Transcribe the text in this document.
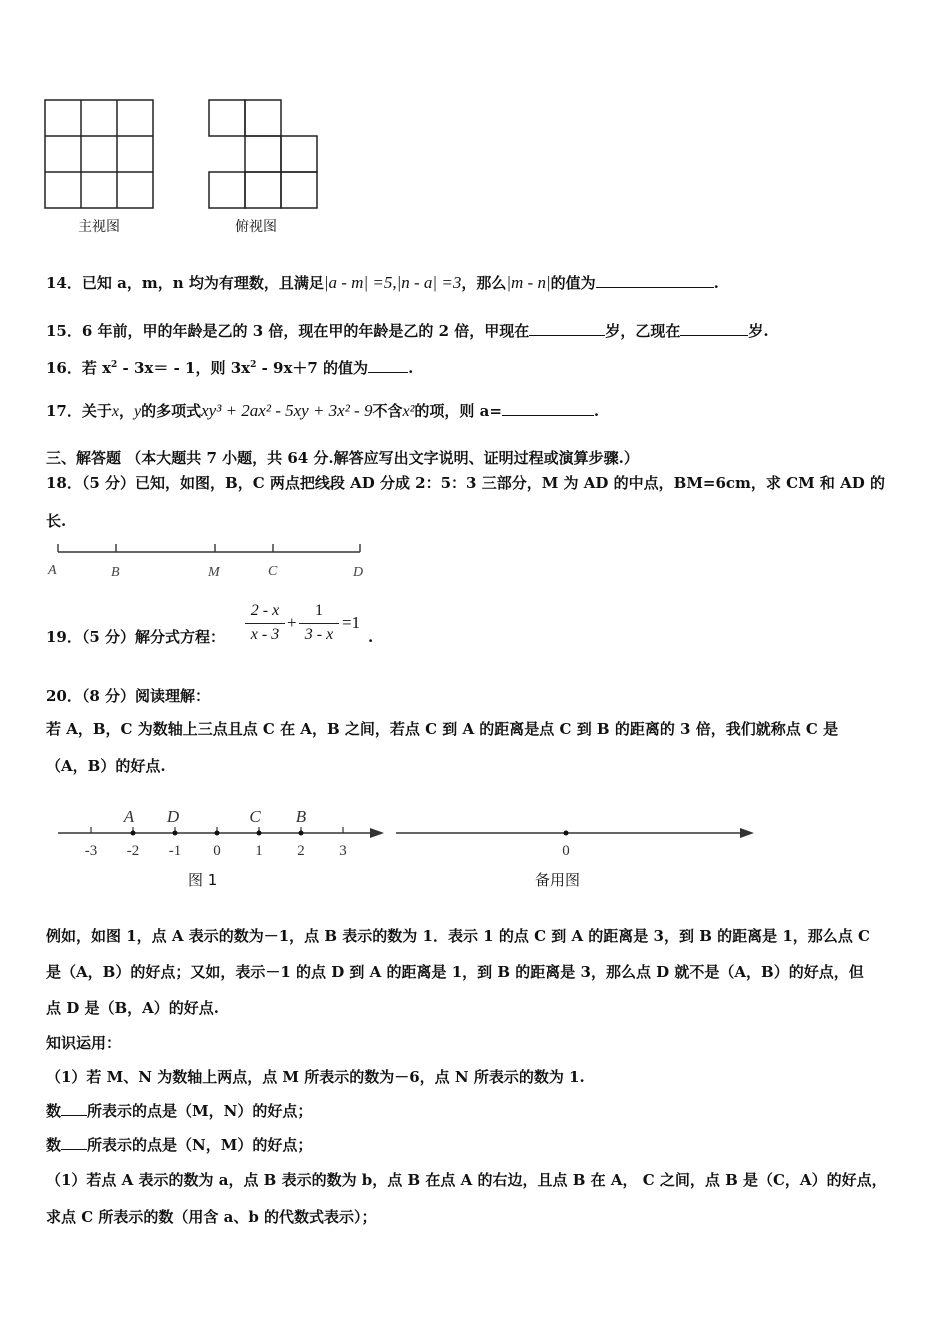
主视图	俯视图
14．已知 a，m，n 均为有理数，且满足|a - m| =5,|n - a| =3，那么|m - n|的值为	.
15．6 年前，甲的年龄是乙的 3 倍，现在甲的年龄是乙的 2 倍，甲现在	岁，乙现在	岁.
16．若 $x^2 - 3x= - 1$，则 $3x^2 - 9x+7$ 的值为	.
17．关于x，y的多项式xy³ + 2ax² - 5xy + 3x² - 9不含x²的项，则 a=	.
三、解答题 （本大题共 7 小题，共 64 分.解答应写出文字说明、证明过程或演算步骤.）
18．（5 分）已知，如图，B，C 两点把线段 AD 分成 2：5：3 三部分，M 为 AD 的中点，BM=6cm，求 CM 和 AD 的
长.
A	B	M	C	D
19．（5 分）解分式方程：
2 - x
x - 3
+
1
3 - x
=1
.
20．（8 分）阅读理解：
若 A，B，C 为数轴上三点且点 C 在 A，B 之间，若点 C 到 A 的距离是点 C 到 B 的距离的 3 倍，我们就称点 C 是
（A，B）的好点.
-3 -2 -1 0 1 2 3
A D	C B
图 1
0
备用图
例如，如图 1，点 A 表示的数为－1，点 B 表示的数为 1．表示 1 的点 C 到 A 的距离是 3，到 B 的距离是 1，那么点 C
是（A，B）的好点；又如，表示－1 的点 D 到 A 的距离是 1，到 B 的距离是 3，那么点 D 就不是（A，B）的好点，但
点 D 是（B，A）的好点.
知识运用：
（1）若 M、N 为数轴上两点，点 M 所表示的数为－6，点 N 所表示的数为 1.
数 所表示的点是（M，N）的好点；
数 所表示的点是（N，M）的好点；
（1）若点 A 表示的数为 a，点 B 表示的数为 b，点 B 在点 A 的右边，且点 B 在 A， C 之间，点 B 是（C，A）的好点，
求点 C 所表示的数（用含 a、b 的代数式表示）；
